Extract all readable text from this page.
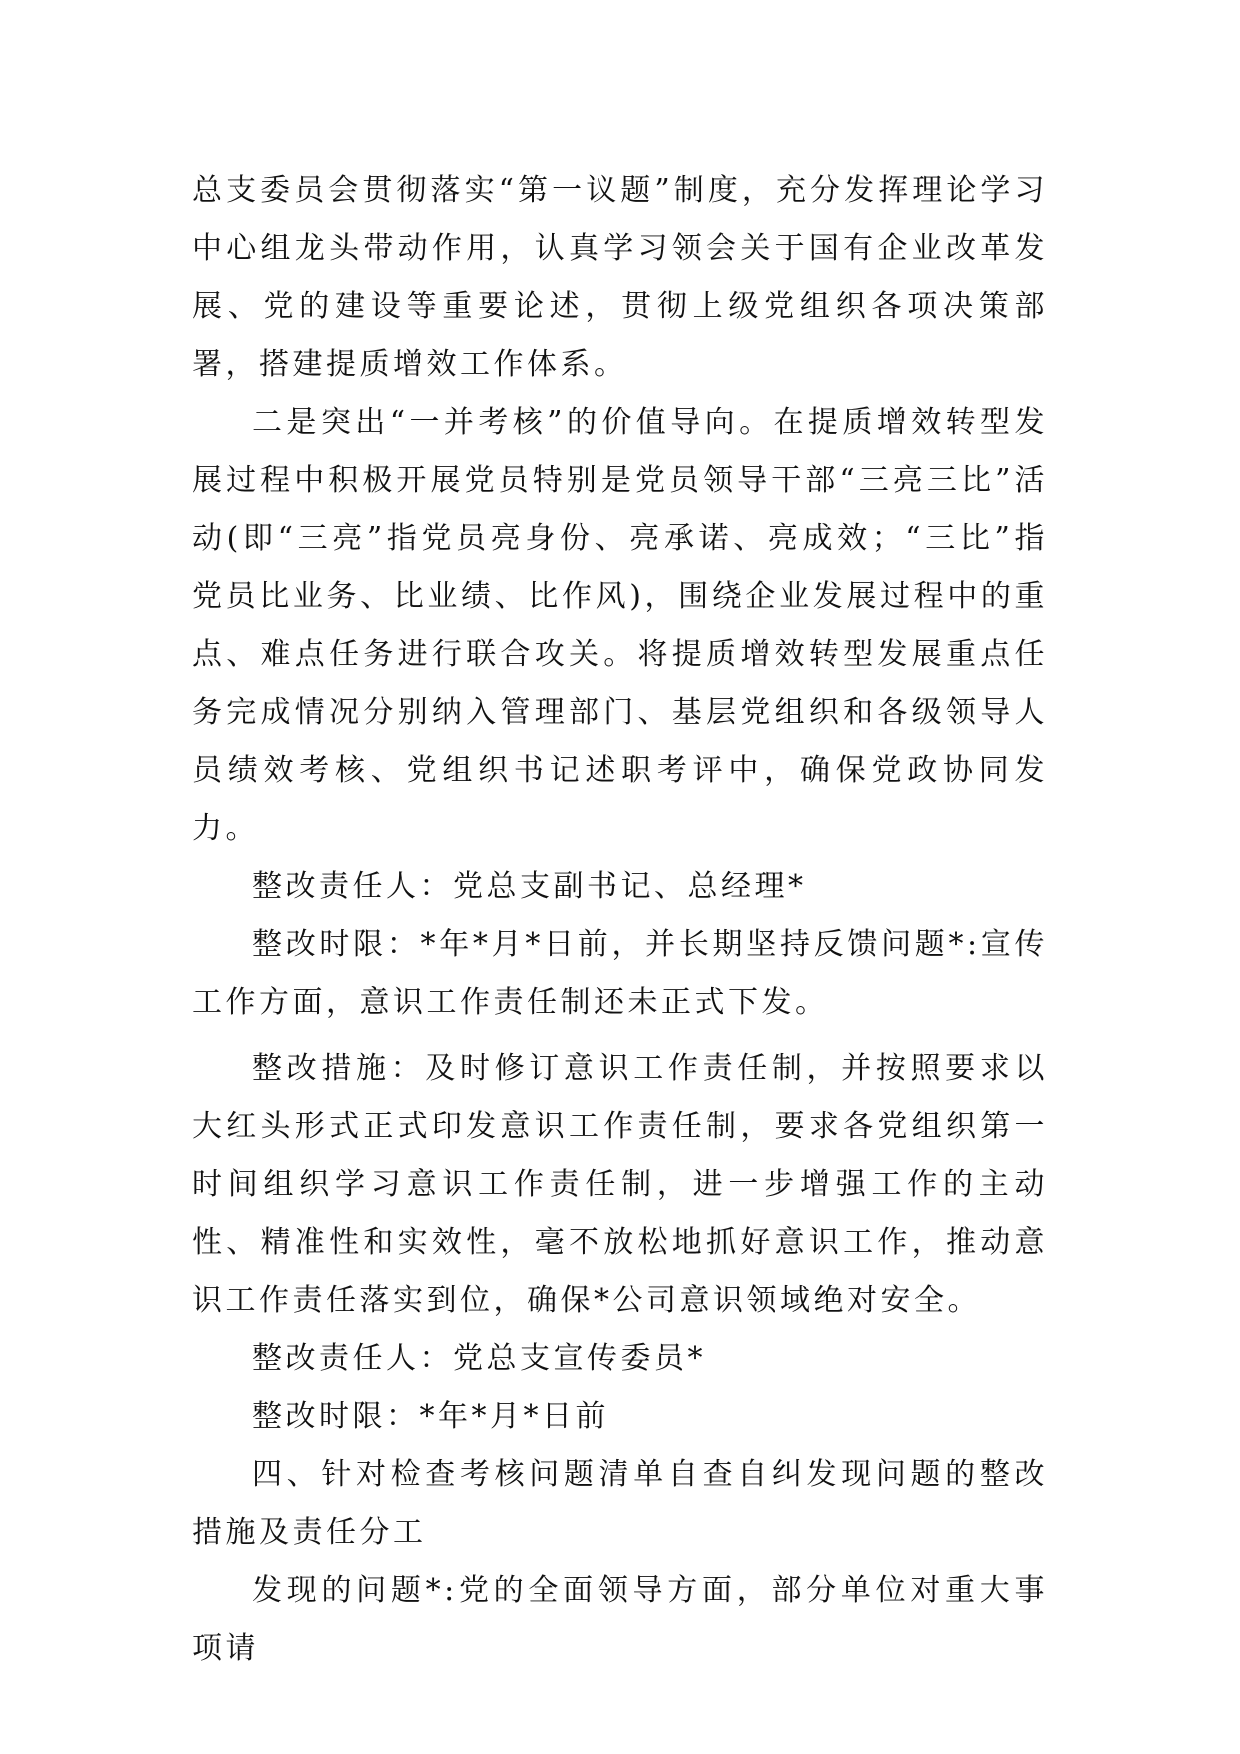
总支委员会贯彻落实“第一议题”制度，充分发挥理论学习中心组龙头带动作用，认真学习领会关于国有企业改革发展、党的建设等重要论述，贯彻上级党组织各项决策部署，搭建提质增效工作体系。

二是突出“一并考核”的价值导向。在提质增效转型发展过程中积极开展党员特别是党员领导干部“三亮三比”活动(即“三亮”指党员亮身份、亮承诺、亮成效；“三比”指党员比业务、比业绩、比作风)，围绕企业发展过程中的重点、难点任务进行联合攻关。将提质增效转型发展重点任务完成情况分别纳入管理部门、基层党组织和各级领导人员绩效考核、党组织书记述职考评中，确保党政协同发力。

整改责任人：党总支副书记、总经理*

整改时限：*年*月*日前，并长期坚持反馈问题*:宣传工作方面，意识工作责任制还未正式下发。

整改措施：及时修订意识工作责任制，并按照要求以大红头形式正式印发意识工作责任制，要求各党组织第一时间组织学习意识工作责任制，进一步增强工作的主动性、精准性和实效性，毫不放松地抓好意识工作，推动意识工作责任落实到位，确保*公司意识领域绝对安全。

整改责任人：党总支宣传委员*

整改时限：*年*月*日前

四、针对检查考核问题清单自查自纠发现问题的整改措施及责任分工

发现的问题*:党的全面领导方面，部分单位对重大事项请
